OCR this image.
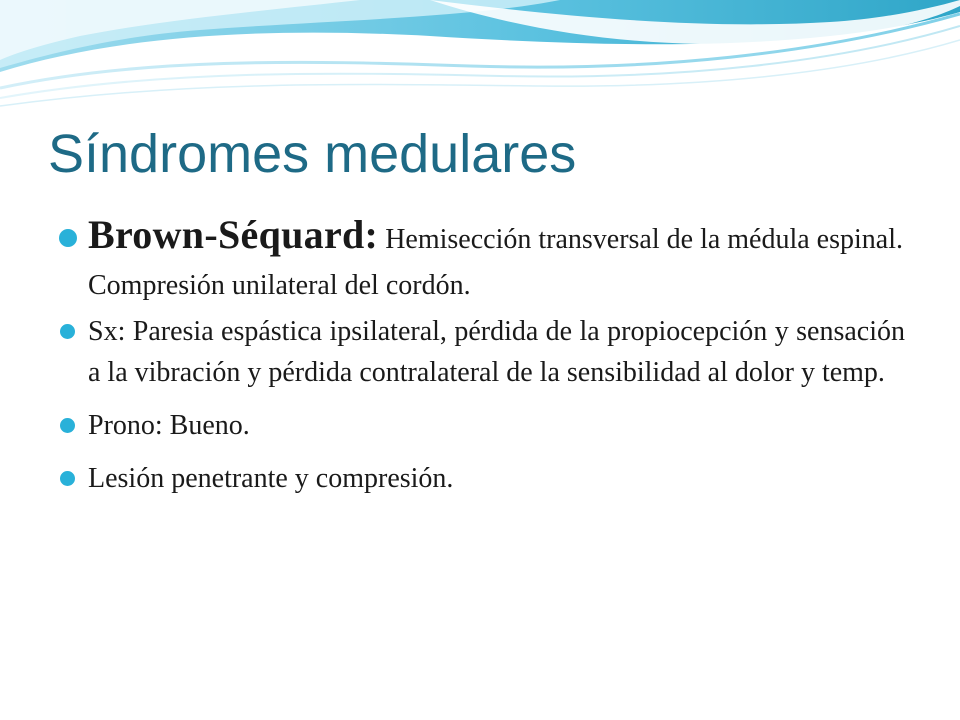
Síndromes medulares
Brown-Séquard: Hemisección transversal de la médula espinal. Compresión unilateral del cordón.
Sx: Paresia espástica ipsilateral, pérdida de la propiocepción y sensación a la vibración y pérdida contralateral de la sensibilidad al dolor y temp.
Prono: Bueno.
Lesión penetrante y compresión.
